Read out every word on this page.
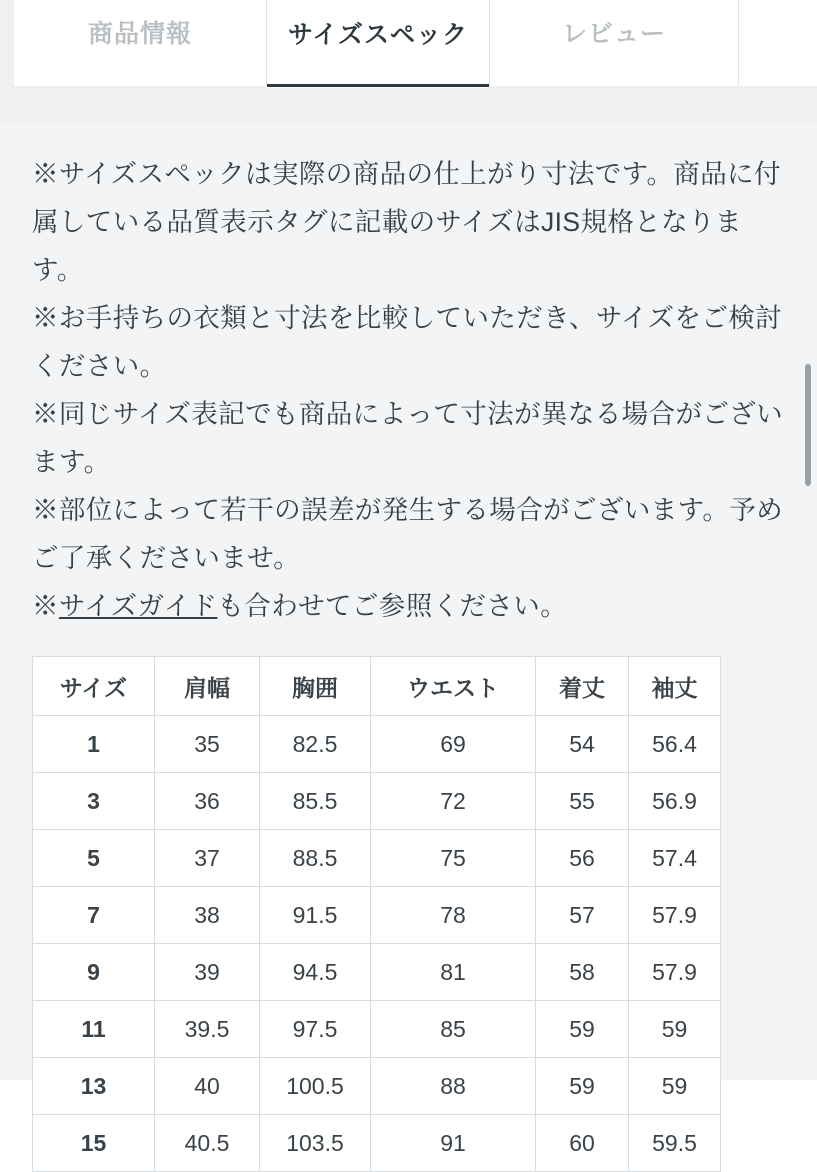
商品情報	サイズスペック	レビュー

※サイズスペックは実際の商品の仕上がり寸法です。商品に付属している品質表示タグに記載のサイズはJIS規格となります。

※お手持ちの衣類と寸法を比較していただき、サイズをご検討ください。

※同じサイズ表記でも商品によって寸法が異なる場合がございます。

※部位によって若干の誤差が発生する場合がございます。予めご了承くださいませ。

※サイズガイドも合わせてご参照ください。

サイズ	肩幅	胸囲	ウエスト	着丈	袖丈
1	35	82.5	69	54	56.4
3	36	85.5	72	55	56.9
5	37	88.5	75	56	57.4
7	38	91.5	78	57	57.9
9	39	94.5	81	58	57.9
11	39.5	97.5	85	59	59
13	40	100.5	88	59	59
15	40.5	103.5	91	60	59.5
